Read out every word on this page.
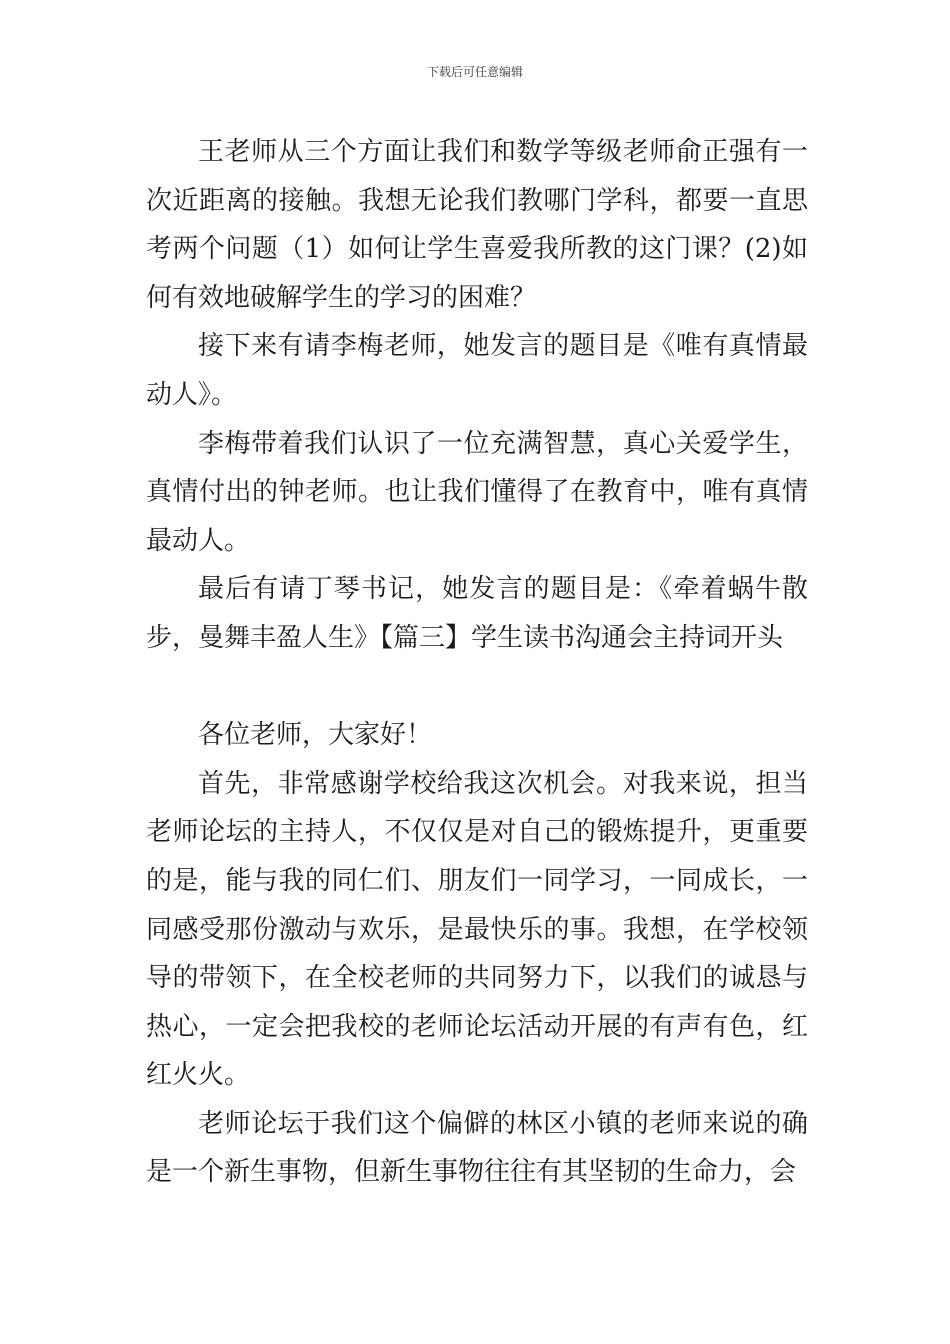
下载后可任意编辑

王老师从三个方面让我们和数学等级老师俞正强有一次近距离的接触。我想无论我们教哪门学科，都要一直思考两个问题（1）如何让学生喜爱我所教的这门课？(2)如何有效地破解学生的学习的困难？

接下来有请李梅老师，她发言的题目是《唯有真情最动人》。

李梅带着我们认识了一位充满智慧，真心关爱学生，真情付出的钟老师。也让我们懂得了在教育中，唯有真情最动人。

最后有请丁琴书记，她发言的题目是：《牵着蜗牛散步，曼舞丰盈人生》【篇三】学生读书沟通会主持词开头

各位老师，大家好！

首先，非常感谢学校给我这次机会。对我来说，担当老师论坛的主持人，不仅仅是对自己的锻炼提升，更重要的是，能与我的同仁们、朋友们一同学习，一同成长，一同感受那份激动与欢乐，是最快乐的事。我想，在学校领导的带领下，在全校老师的共同努力下，以我们的诚恳与热心，一定会把我校的老师论坛活动开展的有声有色，红红火火。

老师论坛于我们这个偏僻的林区小镇的老师来说的确是一个新生事物，但新生事物往往有其坚韧的生命力，会
